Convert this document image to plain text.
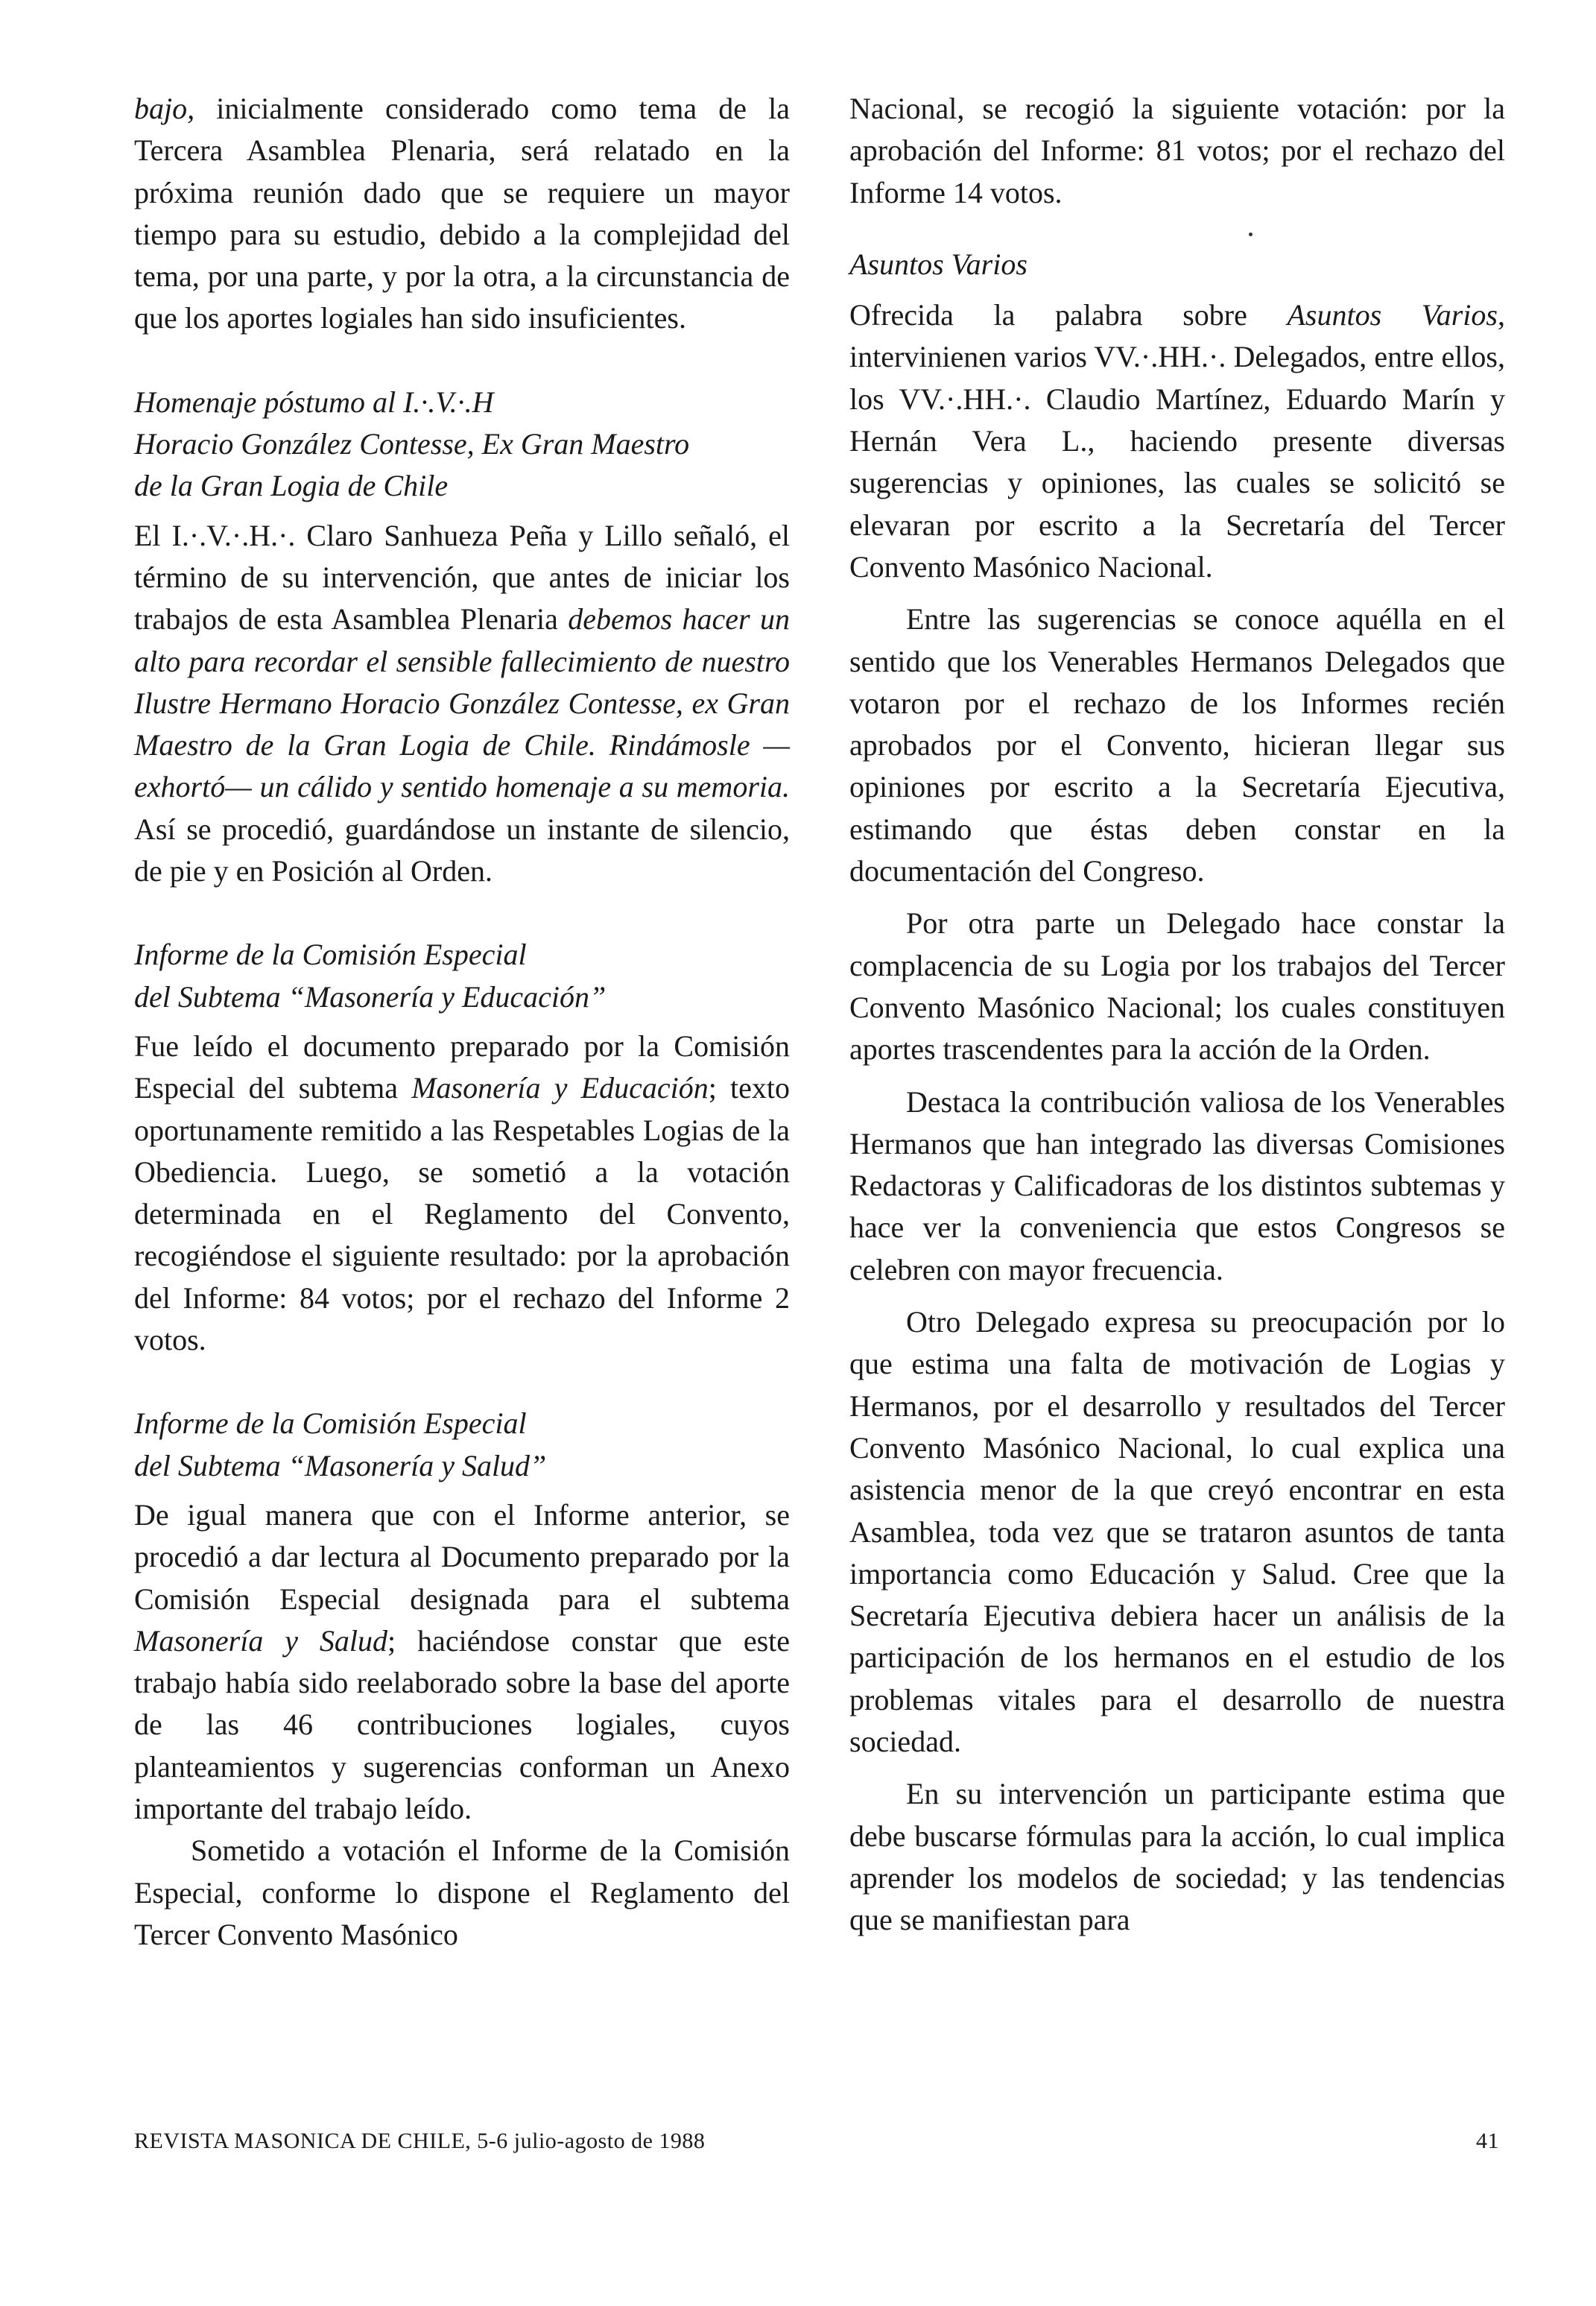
bajo, inicialmente considerado como tema de la Tercera Asamblea Plenaria, será relatado en la próxima reunión dado que se requiere un mayor tiempo para su estudio, debido a la complejidad del tema, por una parte, y por la otra, a la circunstancia de que los aportes logiales han sido insuficientes.

Homenaje póstumo al I.·.V.·.H
Horacio González Contesse, Ex Gran Maestro
de la Gran Logia de Chile

El I.·.V.·.H.·. Claro Sanhueza Peña y Lillo señaló, el término de su intervención, que antes de iniciar los trabajos de esta Asamblea Plenaria debemos hacer un alto para recordar el sensible fallecimiento de nuestro Ilustre Hermano Horacio González Contesse, ex Gran Maestro de la Gran Logia de Chile. Rindámosle —exhortó— un cálido y sentido homenaje a su memoria. Así se procedió, guardándose un instante de silencio, de pie y en Posición al Orden.

Informe de la Comisión Especial
del Subtema “Masonería y Educación”

Fue leído el documento preparado por la Comisión Especial del subtema Masonería y Educación; texto oportunamente remitido a las Respetables Logias de la Obediencia. Luego, se sometió a la votación determinada en el Reglamento del Convento, recogiéndose el siguiente resultado: por la aprobación del Informe: 84 votos; por el rechazo del Informe 2 votos.

Informe de la Comisión Especial
del Subtema “Masonería y Salud”

De igual manera que con el Informe anterior, se procedió a dar lectura al Documento preparado por la Comisión Especial designada para el subtema Masonería y Salud; haciéndose constar que este trabajo había sido reelaborado sobre la base del aporte de las 46 contribuciones logiales, cuyos planteamientos y sugerencias conforman un Anexo importante del trabajo leído.

Sometido a votación el Informe de la Comisión Especial, conforme lo dispone el Reglamento del Tercer Convento Masónico

Nacional, se recogió la siguiente votación: por la aprobación del Informe: 81 votos; por el rechazo del Informe 14 votos.

Asuntos Varios

Ofrecida la palabra sobre Asuntos Varios, intervinienen varios VV.·.HH.·. Delegados, entre ellos, los VV.·.HH.·. Claudio Martínez, Eduardo Marín y Hernán Vera L., haciendo presente diversas sugerencias y opiniones, las cuales se solicitó se elevaran por escrito a la Secretaría del Tercer Convento Masónico Nacional.

Entre las sugerencias se conoce aquélla en el sentido que los Venerables Hermanos Delegados que votaron por el rechazo de los Informes recién aprobados por el Convento, hicieran llegar sus opiniones por escrito a la Secretaría Ejecutiva, estimando que éstas deben constar en la documentación del Congreso.

Por otra parte un Delegado hace constar la complacencia de su Logia por los trabajos del Tercer Convento Masónico Nacional; los cuales constituyen aportes trascendentes para la acción de la Orden.

Destaca la contribución valiosa de los Venerables Hermanos que han integrado las diversas Comisiones Redactoras y Calificadoras de los distintos subtemas y hace ver la conveniencia que estos Congresos se celebren con mayor frecuencia.

Otro Delegado expresa su preocupación por lo que estima una falta de motivación de Logias y Hermanos, por el desarrollo y resultados del Tercer Convento Masónico Nacional, lo cual explica una asistencia menor de la que creyó encontrar en esta Asamblea, toda vez que se trataron asuntos de tanta importancia como Educación y Salud. Cree que la Secretaría Ejecutiva debiera hacer un análisis de la participación de los hermanos en el estudio de los problemas vitales para el desarrollo de nuestra sociedad.

En su intervención un participante estima que debe buscarse fórmulas para la acción, lo cual implica aprender los modelos de sociedad; y las tendencias que se manifiestan para

REVISTA MASONICA DE CHILE, 5-6 julio-agosto de 1988	41
